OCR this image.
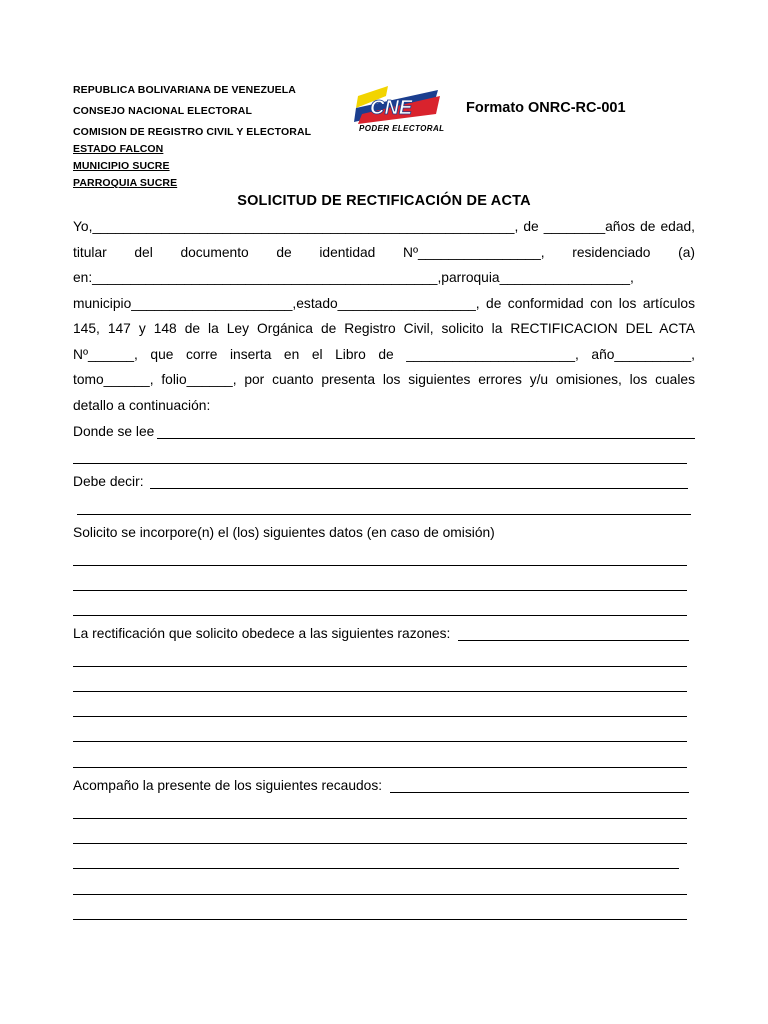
REPUBLICA BOLIVARIANA DE VENEZUELA
CONSEJO NACIONAL ELECTORAL
COMISION DE REGISTRO CIVIL Y ELECTORAL
ESTADO FALCON
MUNICIPIO SUCRE
PARROQUIA SUCRE
CNE
PODER ELECTORAL
Formato ONRC-RC-001
SOLICITUD DE RECTIFICACIÓN DE ACTA

Yo,_______________________________________________________, de ________años de edad, titular del documento de identidad Nº________________, residenciado (a) en:_____________________________________________,parroquia_________________, municipio_____________________,estado__________________, de conformidad con los artículos 145, 147 y 148 de la Ley Orgánica de Registro Civil, solicito la RECTIFICACION DEL ACTA Nº______, que corre inserta en el Libro de ______________________, año__________, tomo______, folio______, por cuanto presenta los siguientes errores y/u omisiones, los cuales detallo a continuación:

Donde se lee
Debe decir:
Solicito se incorpore(n) el (los) siguientes datos (en caso de omisión)
La rectificación que solicito obedece a las siguientes razones:
Acompaño la presente de los siguientes recaudos:
